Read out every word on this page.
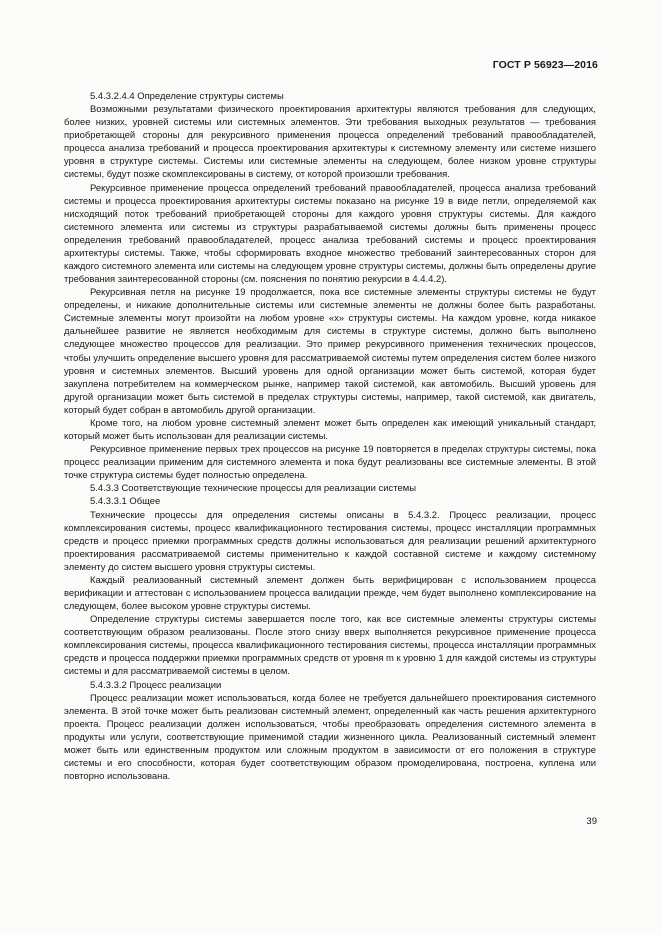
ГОСТ Р 56923—2016

5.4.3.2.4.4 Определение структуры системы

Возможными результатами физического проектирования архитектуры являются требования для следующих, более низких, уровней системы или системных элементов. Эти требования выходных результатов — требования приобретающей стороны для рекурсивного применения процесса определений требований правообладателей, процесса анализа требований и процесса проектирования архитектуры к системному элементу или системе низшего уровня в структуре системы. Системы или системные элементы на следующем, более низком уровне структуры системы, будут позже скомплексированы в систему, от которой произошли требования.

Рекурсивное применение процесса определений требований правообладателей, процесса анализа требований системы и процесса проектирования архитектуры системы показано на рисунке 19 в виде петли, определяемой как нисходящий поток требований приобретающей стороны для каждого уровня структуры системы. Для каждого системного элемента или системы из структуры разрабатываемой системы должны быть применены процесс определения требований правообладателей, процесс анализа требований системы и процесс проектирования архитектуры системы. Также, чтобы сформировать входное множество требований заинтересованных сторон для каждого системного элемента или системы на следующем уровне структуры системы, должны быть определены другие требования заинтересованной стороны (см. пояснения по понятию рекурсии в 4.4.4.2).

Рекурсивная петля на рисунке 19 продолжается, пока все системные элементы структуры системы не будут определены, и никакие дополнительные системы или системные элементы не должны более быть разработаны. Системные элементы могут произойти на любом уровне «х» структуры системы. На каждом уровне, когда никакое дальнейшее развитие не является необходимым для системы в структуре системы, должно быть выполнено следующее множество процессов для реализации. Это пример рекурсивного применения технических процессов, чтобы улучшить определение высшего уровня для рассматриваемой системы путем определения систем более низкого уровня и системных элементов. Высший уровень для одной организации может быть системой, которая будет закуплена потребителем на коммерческом рынке, например такой системой, как автомобиль. Высший уровень для другой организации может быть системой в пределах структуры системы, например, такой системой, как двигатель, который будет собран в автомобиль другой организации.

Кроме того, на любом уровне системный элемент может быть определен как имеющий уникальный стандарт, который может быть использован для реализации системы.

Рекурсивное применение первых трех процессов на рисунке 19 повторяется в пределах структуры системы, пока процесс реализации применим для системного элемента и пока будут реализованы все системные элементы. В этой точке структура системы будет полностью определена.

5.4.3.3 Соответствующие технические процессы для реализации системы

5.4.3.3.1 Общее

Технические процессы для определения системы описаны в 5.4.3.2. Процесс реализации, процесс комплексирования системы, процесс квалификационного тестирования системы, процесс инсталляции программных средств и процесс приемки программных средств должны использоваться для реализации решений архитектурного проектирования рассматриваемой системы применительно к каждой составной системе и каждому системному элементу до систем высшего уровня структуры системы.

Каждый реализованный системный элемент должен быть верифицирован с использованием процесса верификации и аттестован с использованием процесса валидации прежде, чем будет выполнено комплексирование на следующем, более высоком уровне структуры системы.

Определение структуры системы завершается после того, как все системные элементы структуры системы соответствующим образом реализованы. После этого снизу вверх выполняется рекурсивное применение процесса комплексирования системы, процесса квалификационного тестирования системы, процесса инсталляции программных средств и процесса поддержки приемки программных средств от уровня m к уровню 1 для каждой системы из структуры системы и для рассматриваемой системы в целом.

5.4.3.3.2 Процесс реализации

Процесс реализации может использоваться, когда более не требуется дальнейшего проектирования системного элемента. В этой точке может быть реализован системный элемент, определенный как часть решения архитектурного проекта. Процесс реализации должен использоваться, чтобы преобразовать определения системного элемента в продукты или услуги, соответствующие применимой стадии жизненного цикла. Реализованный системный элемент может быть или единственным продуктом или сложным продуктом в зависимости от его положения в структуре системы и его способности, которая будет соответствующим образом промоделирована, построена, куплена или повторно использована.

39
